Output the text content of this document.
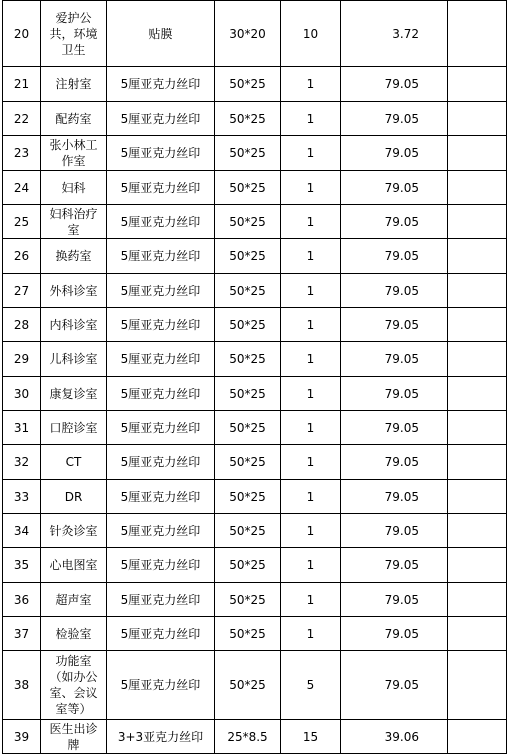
20	爱护公共，环境卫生	贴膜	30*20	10	3.72	
21	注射室	5厘亚克力丝印	50*25	1	79.05	
22	配药室	5厘亚克力丝印	50*25	1	79.05	
23	张小林工作室	5厘亚克力丝印	50*25	1	79.05	
24	妇科	5厘亚克力丝印	50*25	1	79.05	
25	妇科治疗室	5厘亚克力丝印	50*25	1	79.05	
26	换药室	5厘亚克力丝印	50*25	1	79.05	
27	外科诊室	5厘亚克力丝印	50*25	1	79.05	
28	内科诊室	5厘亚克力丝印	50*25	1	79.05	
29	儿科诊室	5厘亚克力丝印	50*25	1	79.05	
30	康复诊室	5厘亚克力丝印	50*25	1	79.05	
31	口腔诊室	5厘亚克力丝印	50*25	1	79.05	
32	CT	5厘亚克力丝印	50*25	1	79.05	
33	DR	5厘亚克力丝印	50*25	1	79.05	
34	针灸诊室	5厘亚克力丝印	50*25	1	79.05	
35	心电图室	5厘亚克力丝印	50*25	1	79.05	
36	超声室	5厘亚克力丝印	50*25	1	79.05	
37	检验室	5厘亚克力丝印	50*25	1	79.05	
38	功能室（如办公室、会议室等）	5厘亚克力丝印	50*25	5	79.05	
39	医生出诊牌	3+3亚克力丝印	25*8.5	15	39.06	
